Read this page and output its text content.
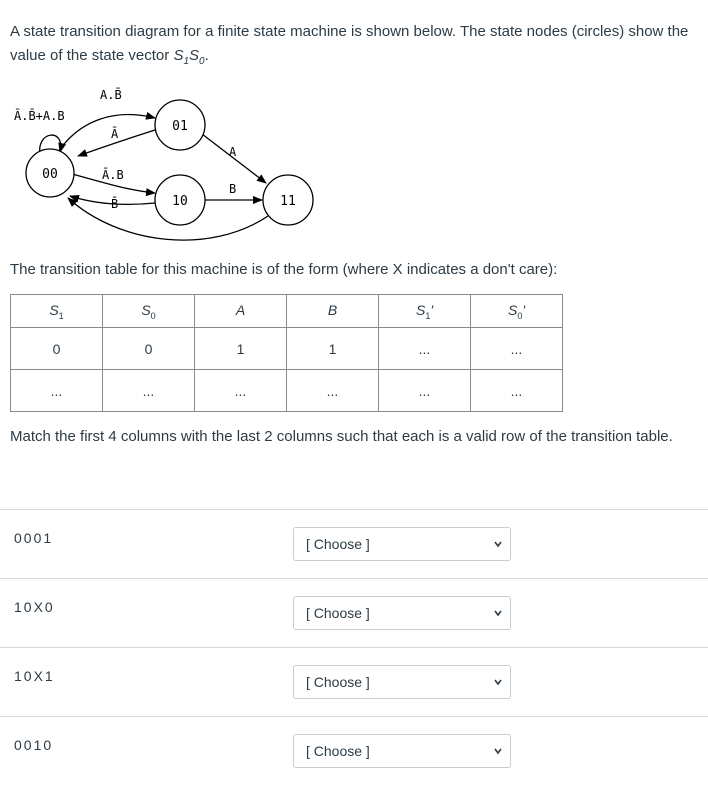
A state transition diagram for a finite state machine is shown below. The state nodes (circles) show the value of the state vector $S_1S_0$.
00
01
10	11
Ā.B̄+A.B
A.B̄
Ā
Ā.B
B̄
A
B
The transition table for this machine is of the form (where X indicates a don't care):
$S_1$	$S_0$	A	B	$S_1'$	$S_0'$
0	0	1	1	...	...
...	...	...	...	...	...
Match the first 4 columns with the last 2 columns such that each is a valid row of the transition table.
0001	[ Choose ]
10X0	[ Choose ]
10X1	[ Choose ]
0010	[ Choose ]
